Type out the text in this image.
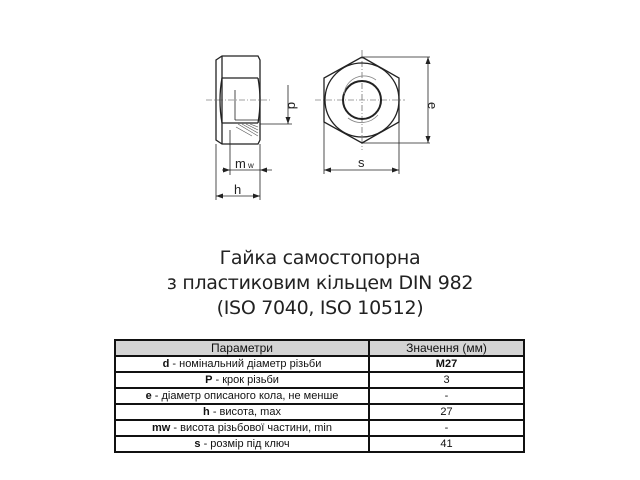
d	e
m w
h
s
Гайка самостопорна
з пластиковим кільцем DIN 982
(ISO 7040, ISO 10512)
Параметри	Значення (мм)
d - номінальний діаметр різьби	M27
P - крок різьби	3
e - діаметр описаного кола, не менше	-
h - висота, max	27
mw - висота різьбової частини, min	-
s - розмір під ключ	41
